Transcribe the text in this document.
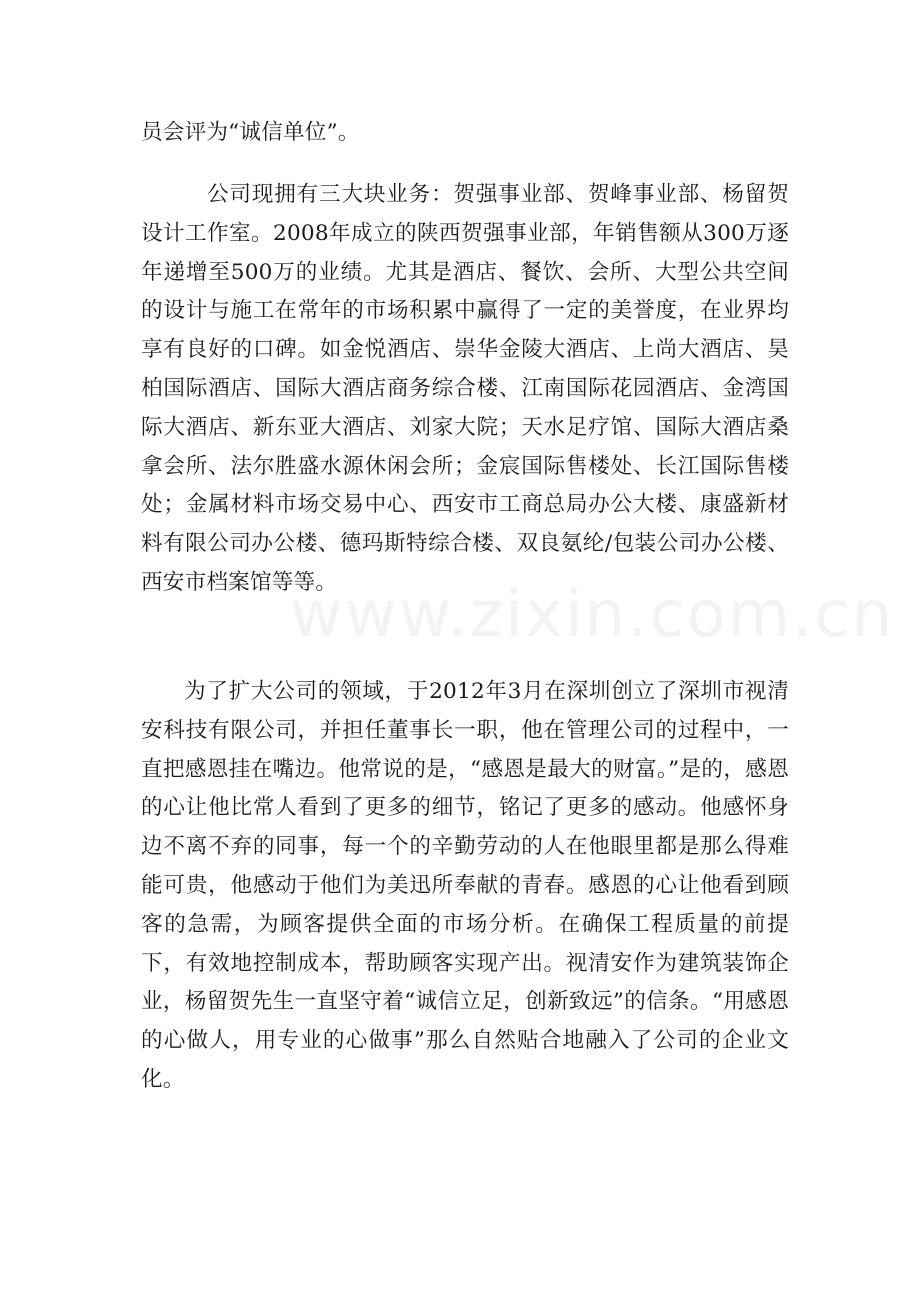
员会评为“诚信单位”。

公司现拥有三大块业务：贺强事业部、贺峰事业部、杨留贺设计工作室。2008年成立的陕西贺强事业部，年销售额从300万逐年递增至500万的业绩。尤其是酒店、餐饮、会所、大型公共空间的设计与施工在常年的市场积累中赢得了一定的美誉度，在业界均享有良好的口碑。如金悦酒店、崇华金陵大酒店、上尚大酒店、昊柏国际酒店、国际大酒店商务综合楼、江南国际花园酒店、金湾国际大酒店、新东亚大酒店、刘家大院；天水足疗馆、国际大酒店桑拿会所、法尔胜盛水源休闲会所；金宸国际售楼处、长江国际售楼处；金属材料市场交易中心、西安市工商总局办公大楼、康盛新材料有限公司办公楼、德玛斯特综合楼、双良氨纶/包装公司办公楼、西安市档案馆等等。

为了扩大公司的领域，于2012年3月在深圳创立了深圳市视清安科技有限公司，并担任董事长一职，他在管理公司的过程中，一直把感恩挂在嘴边。他常说的是，“感恩是最大的财富。”是的，感恩的心让他比常人看到了更多的细节，铭记了更多的感动。他感怀身边不离不弃的同事，每一个的辛勤劳动的人在他眼里都是那么得难能可贵，他感动于他们为美迅所奉献的青春。感恩的心让他看到顾客的急需，为顾客提供全面的市场分析。在确保工程质量的前提下，有效地控制成本，帮助顾客实现产出。视清安作为建筑装饰企业，杨留贺先生一直坚守着“诚信立足，创新致远”的信条。“用感恩的心做人，用专业的心做事”那么自然贴合地融入了公司的企业文化。

www.zixin.com.cn
